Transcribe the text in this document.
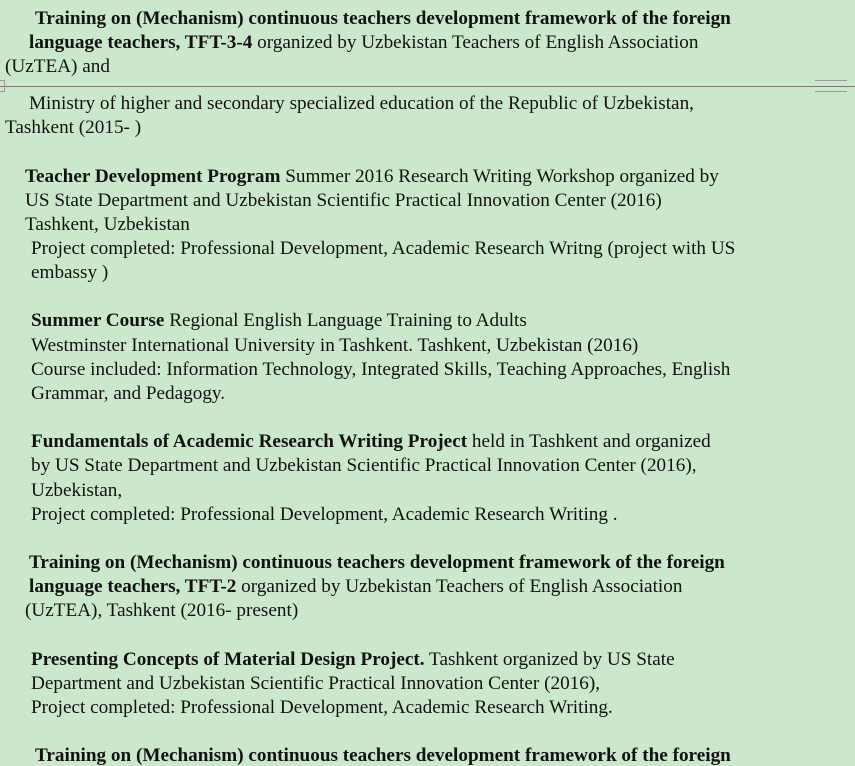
Training on (Mechanism) continuous teachers development framework of the foreign
language teachers, TFT-3-4 organized by Uzbekistan Teachers of English Association
(UzTEA) and
Ministry of higher and secondary specialized education of the Republic of Uzbekistan,
Tashkent (2015- )
Teacher Development Program Summer 2016 Research Writing Workshop organized by
US State Department and Uzbekistan Scientific Practical Innovation Center (2016)
Tashkent, Uzbekistan
Project completed: Professional Development, Academic Research Writng (project with US
embassy )
Summer Course Regional English Language Training to Adults
Westminster International University in Tashkent. Tashkent, Uzbekistan (2016)
Course included: Information Technology, Integrated Skills, Teaching Approaches, English
Grammar, and Pedagogy.
Fundamentals of Academic Research Writing Project held in Tashkent and organized
by US State Department and Uzbekistan Scientific Practical Innovation Center (2016),
Uzbekistan,
Project completed: Professional Development, Academic Research Writing .
Training on (Mechanism) continuous teachers development framework of the foreign
language teachers, TFT-2 organized by Uzbekistan Teachers of English Association
(UzTEA), Tashkent (2016- present)
Presenting Concepts of Material Design Project. Tashkent organized by US State
Department and Uzbekistan Scientific Practical Innovation Center (2016),
Project completed: Professional Development, Academic Research Writing.
Training on (Mechanism) continuous teachers development framework of the foreign
